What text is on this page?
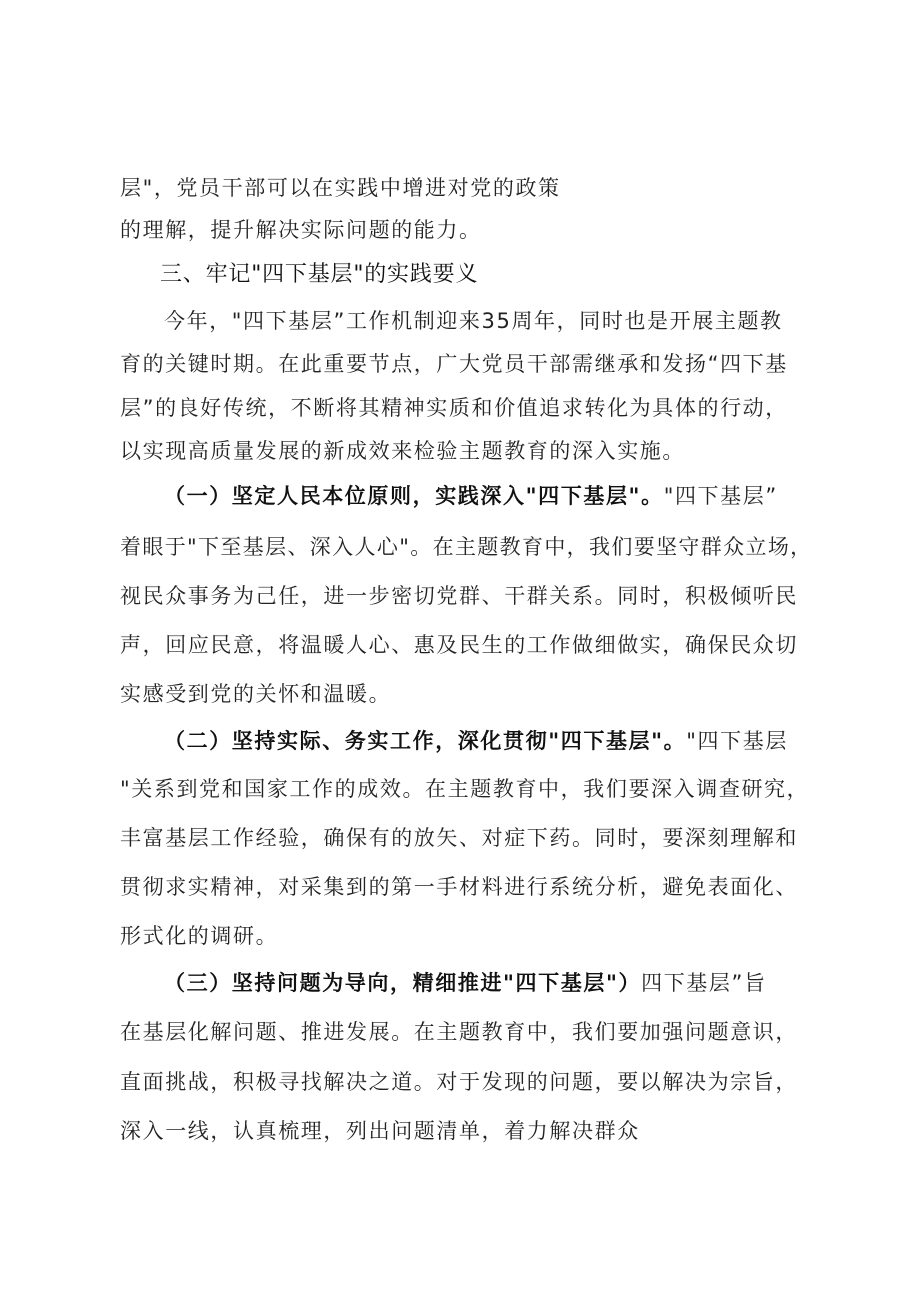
层"，党员干部可以在实践中增进对党的政策
的理解，提升解决实际问题的能力。
三、牢记"四下基层"的实践要义
今年，"四下基层”工作机制迎来35周年，同时也是开展主题教
育的关键时期。在此重要节点，广大党员干部需继承和发扬“四下基
层”的良好传统，不断将其精神实质和价值追求转化为具体的行动，
以实现高质量发展的新成效来检验主题教育的深入实施。
（一）坚定人民本位原则，实践深入"四下基层"。"四下基层”
着眼于"下至基层、深入人心"。在主题教育中，我们要坚守群众立场，
视民众事务为己任，进一步密切党群、干群关系。同时，积极倾听民
声，回应民意，将温暖人心、惠及民生的工作做细做实，确保民众切
实感受到党的关怀和温暖。
（二）坚持实际、务实工作，深化贯彻"四下基层"。"四下基层
"关系到党和国家工作的成效。在主题教育中，我们要深入调查研究，
丰富基层工作经验，确保有的放矢、对症下药。同时，要深刻理解和
贯彻求实精神，对采集到的第一手材料进行系统分析，避免表面化、
形式化的调研。
（三）坚持问题为导向，精细推进"四下基层"）四下基层”旨
在基层化解问题、推进发展。在主题教育中，我们要加强问题意识，
直面挑战，积极寻找解决之道。对于发现的问题，要以解决为宗旨，
深入一线，认真梳理，列出问题清单，着力解决群众
